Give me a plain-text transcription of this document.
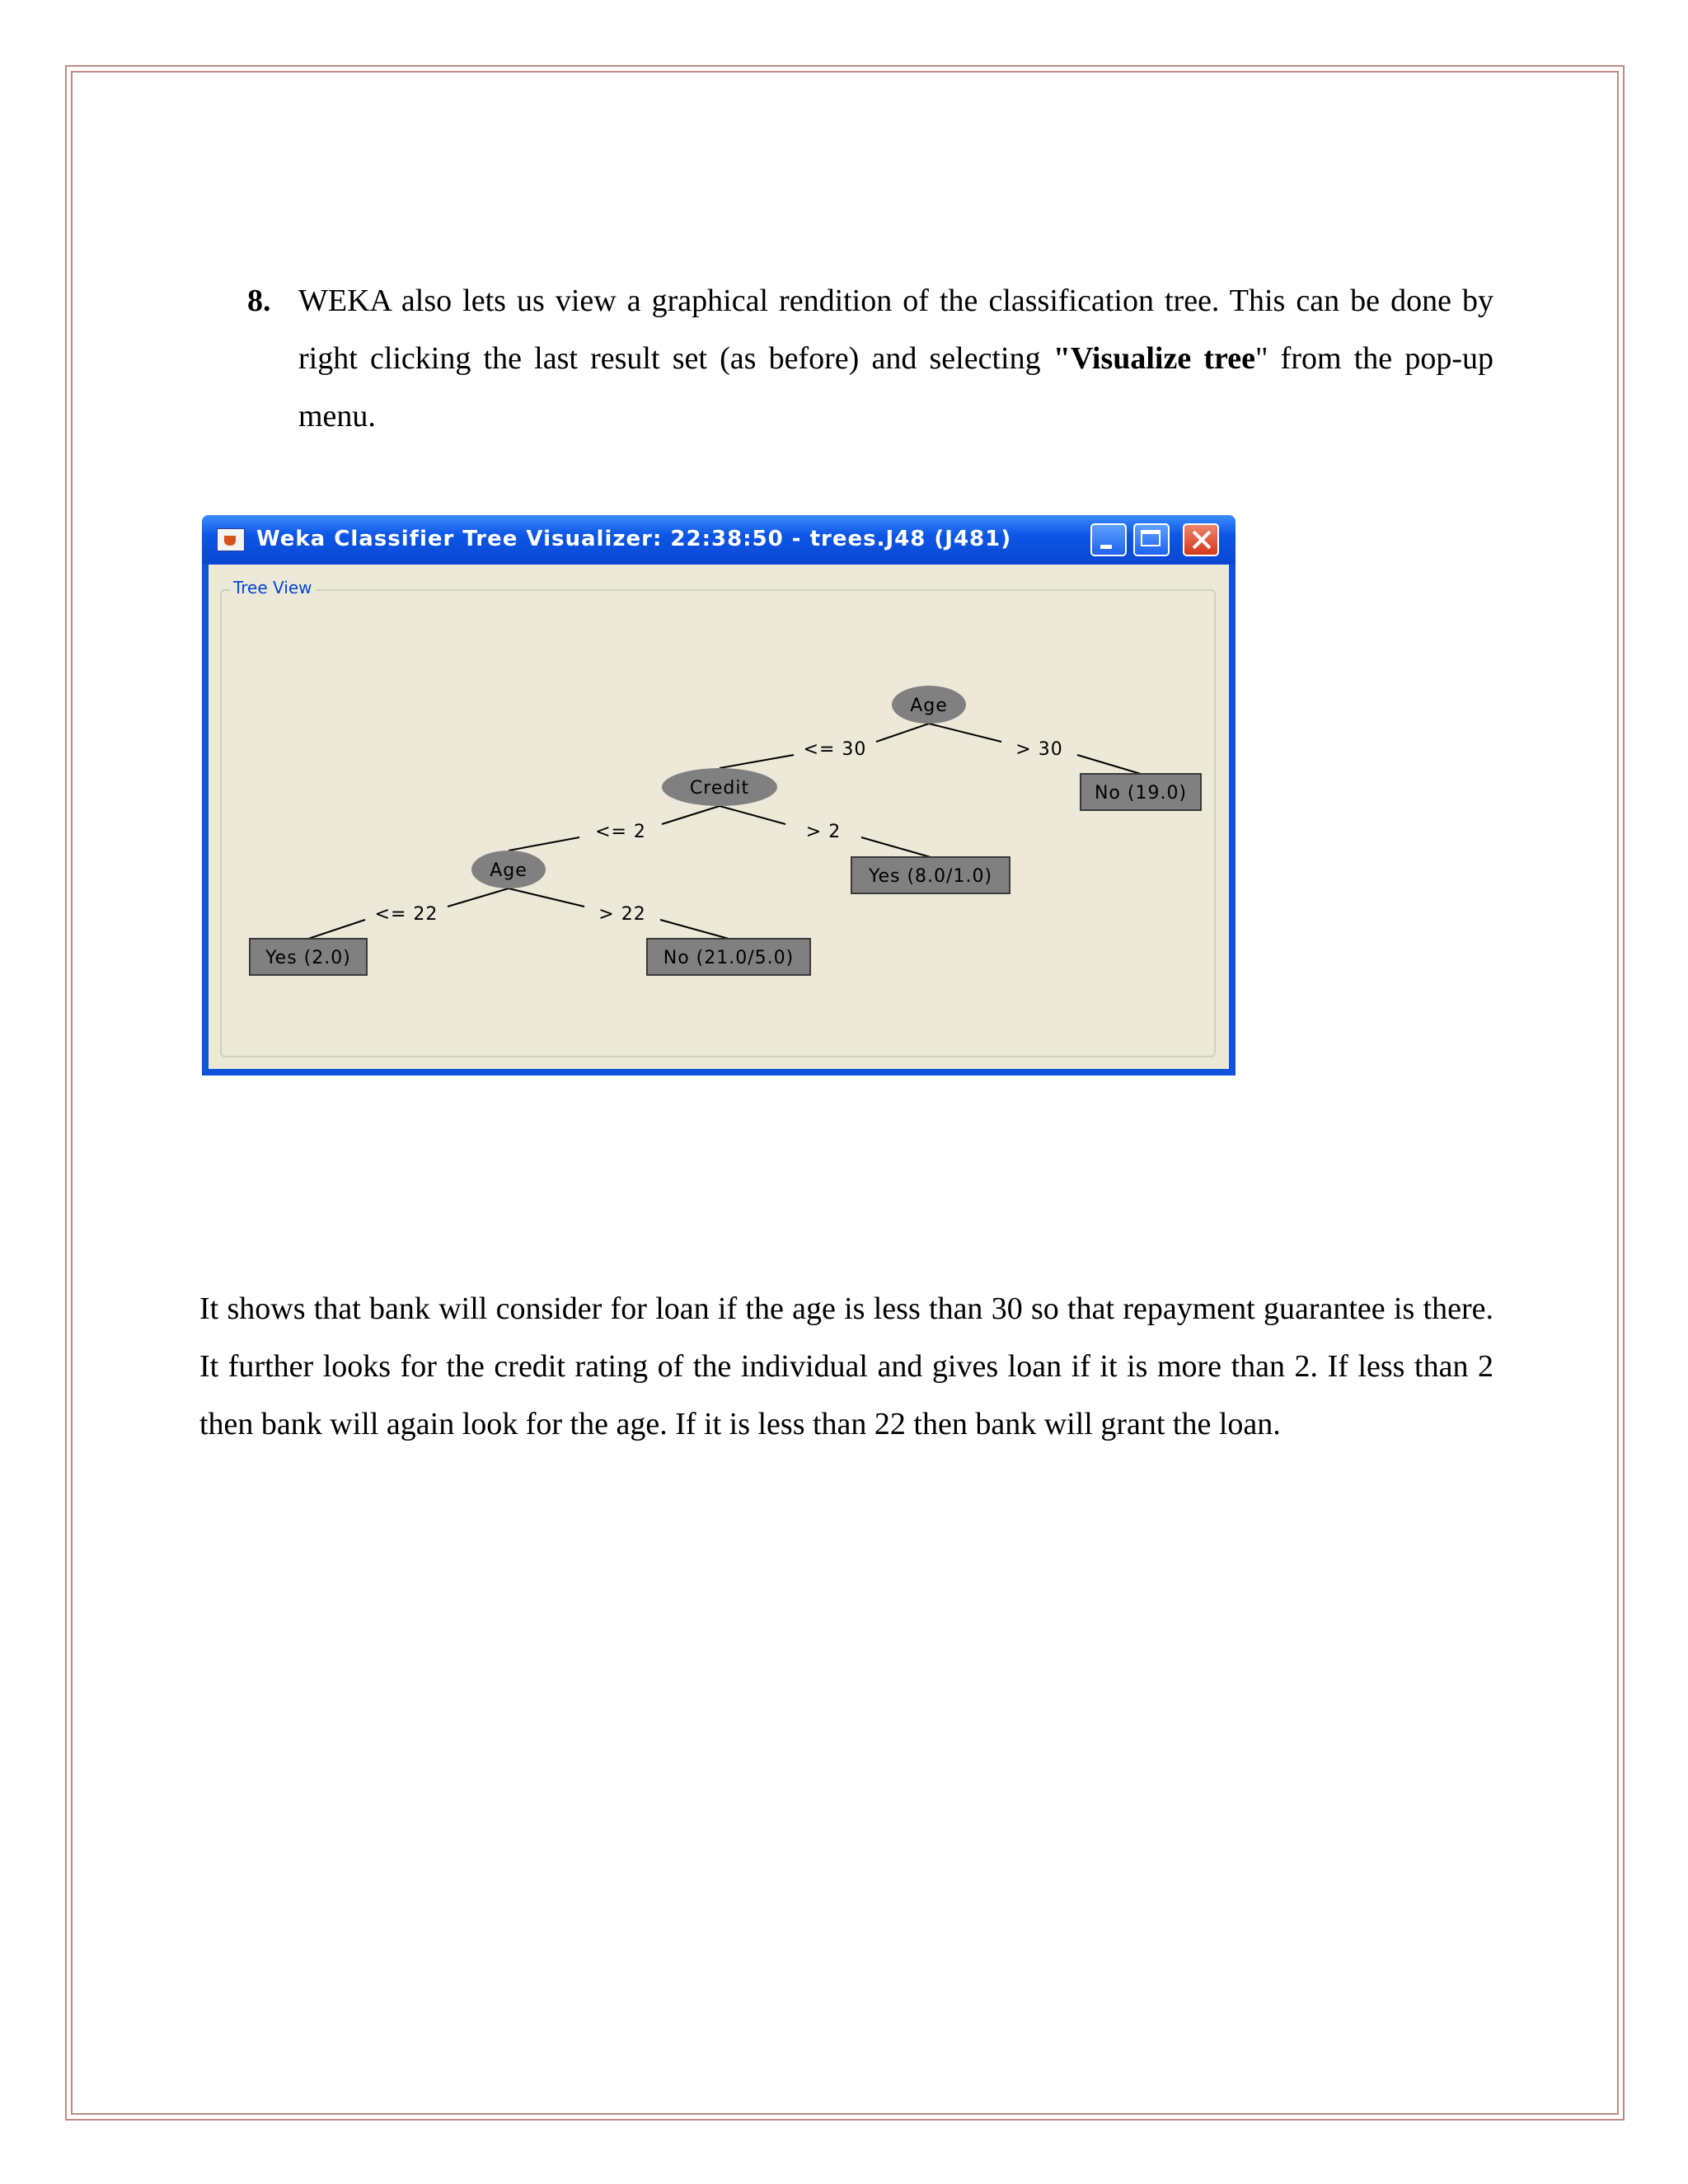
8. WEKA also lets us view a graphical rendition of the classification tree. This can be done by right clicking the last result set (as before) and selecting "Visualize tree" from the pop-up menu.
Weka Classifier Tree Visualizer: 22:38:50 - trees.J48 (J481)
Tree View
<= 30	> 30
<= 2	> 2
<= 22	> 22
Age
Credit
Age
No (19.0)
Yes (8.0/1.0)
Yes (2.0)	No (21.0/5.0)
It shows that bank will consider for loan if the age is less than 30 so that repayment guarantee is there. It further looks for the credit rating of the individual and gives loan if it is more than 2. If less than 2 then bank will again look for the age. If it is less than 22 then bank will grant the loan.
